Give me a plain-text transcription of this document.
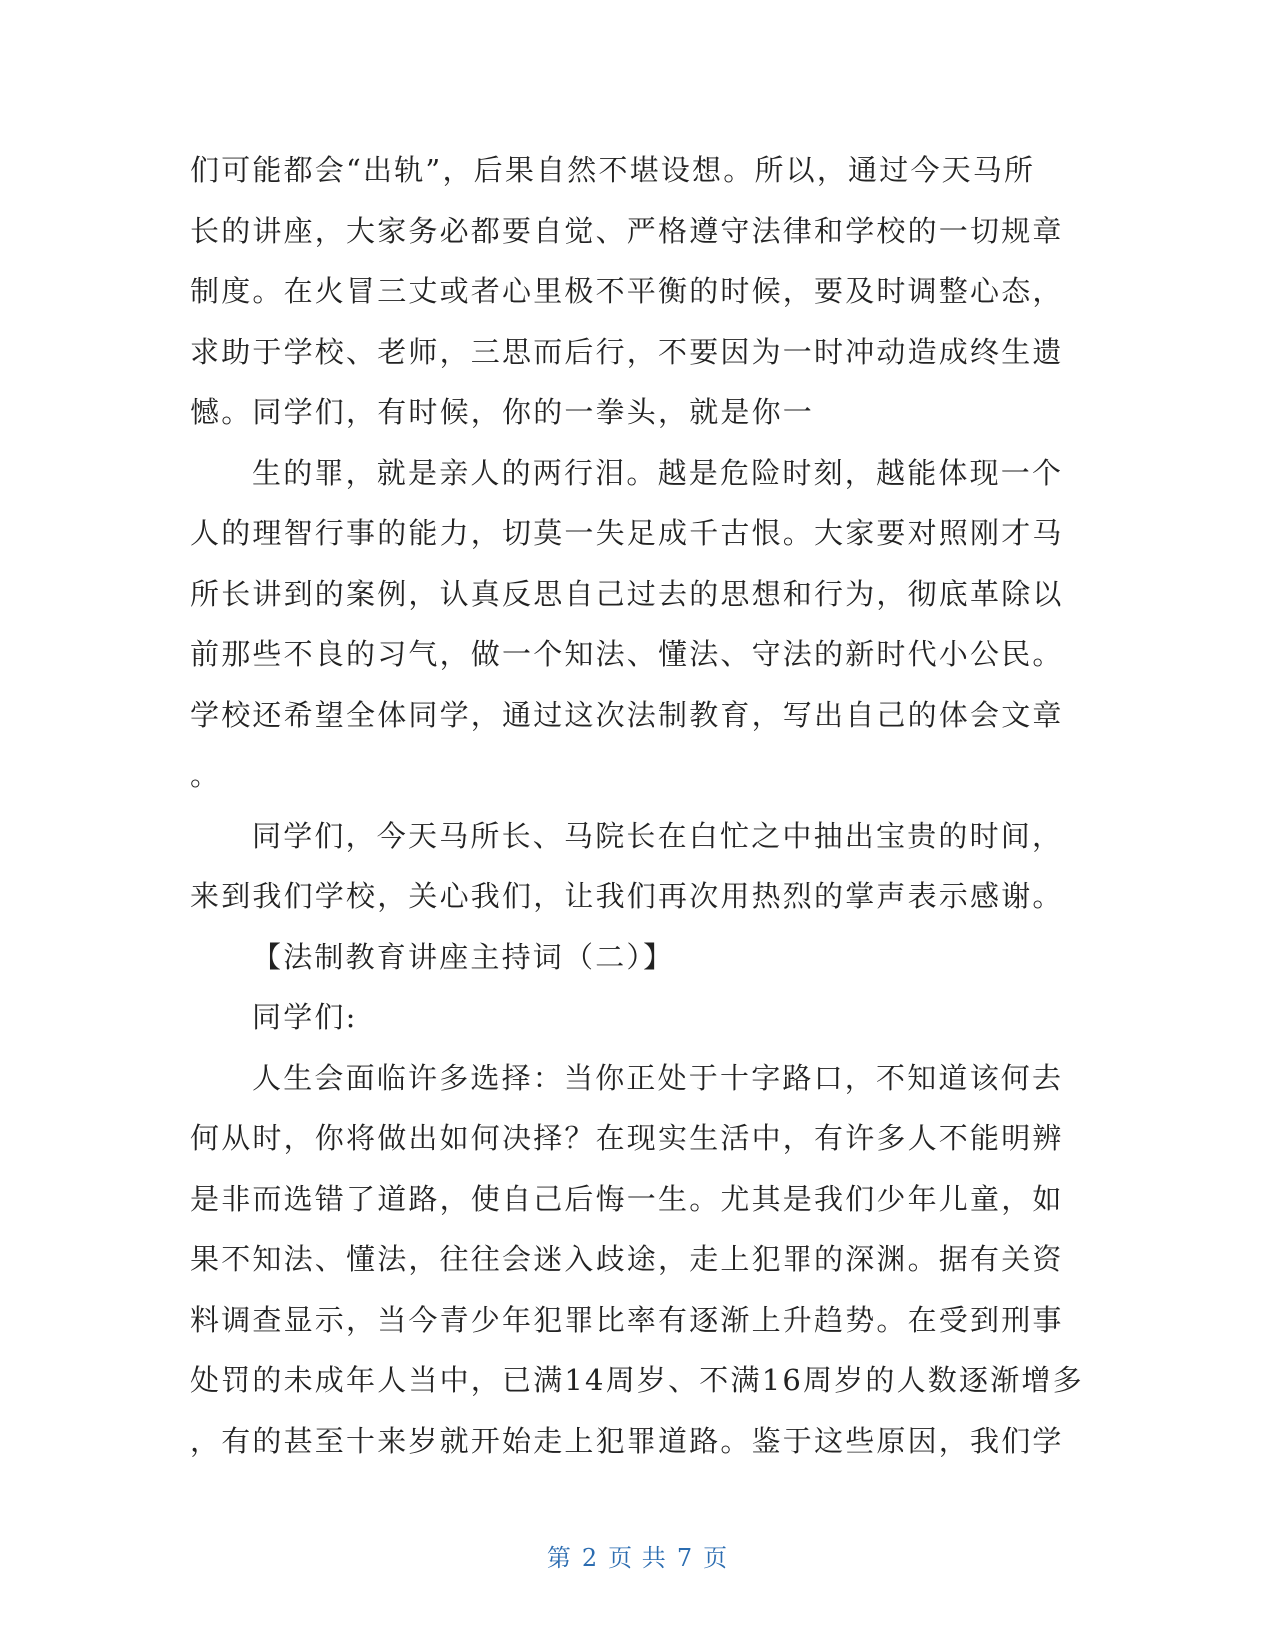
们可能都会“出轨”，后果自然不堪设想。所以，通过今天马所

长的讲座，大家务必都要自觉、严格遵守法律和学校的一切规章

制度。在火冒三丈或者心里极不平衡的时候，要及时调整心态，

求助于学校、老师，三思而后行，不要因为一时冲动造成终生遗

憾。同学们，有时候，你的一拳头，就是你一

生的罪，就是亲人的两行泪。越是危险时刻，越能体现一个

人的理智行事的能力，切莫一失足成千古恨。大家要对照刚才马

所长讲到的案例，认真反思自己过去的思想和行为，彻底革除以

前那些不良的习气，做一个知法、懂法、守法的新时代小公民。

学校还希望全体同学，通过这次法制教育，写出自己的体会文章

。

同学们，今天马所长、马院长在白忙之中抽出宝贵的时间，

来到我们学校，关心我们，让我们再次用热烈的掌声表示感谢。

【法制教育讲座主持词（二）】

同学们:

人生会面临许多选择：当你正处于十字路口，不知道该何去

何从时，你将做出如何决择？在现实生活中，有许多人不能明辨

是非而选错了道路，使自己后悔一生。尤其是我们少年儿童，如

果不知法、懂法，往往会迷入歧途，走上犯罪的深渊。据有关资

料调查显示，当今青少年犯罪比率有逐渐上升趋势。在受到刑事

处罚的未成年人当中，已满14周岁、不满16周岁的人数逐渐增多

，有的甚至十来岁就开始走上犯罪道路。鉴于这些原因，我们学

第 2 页 共 7 页
